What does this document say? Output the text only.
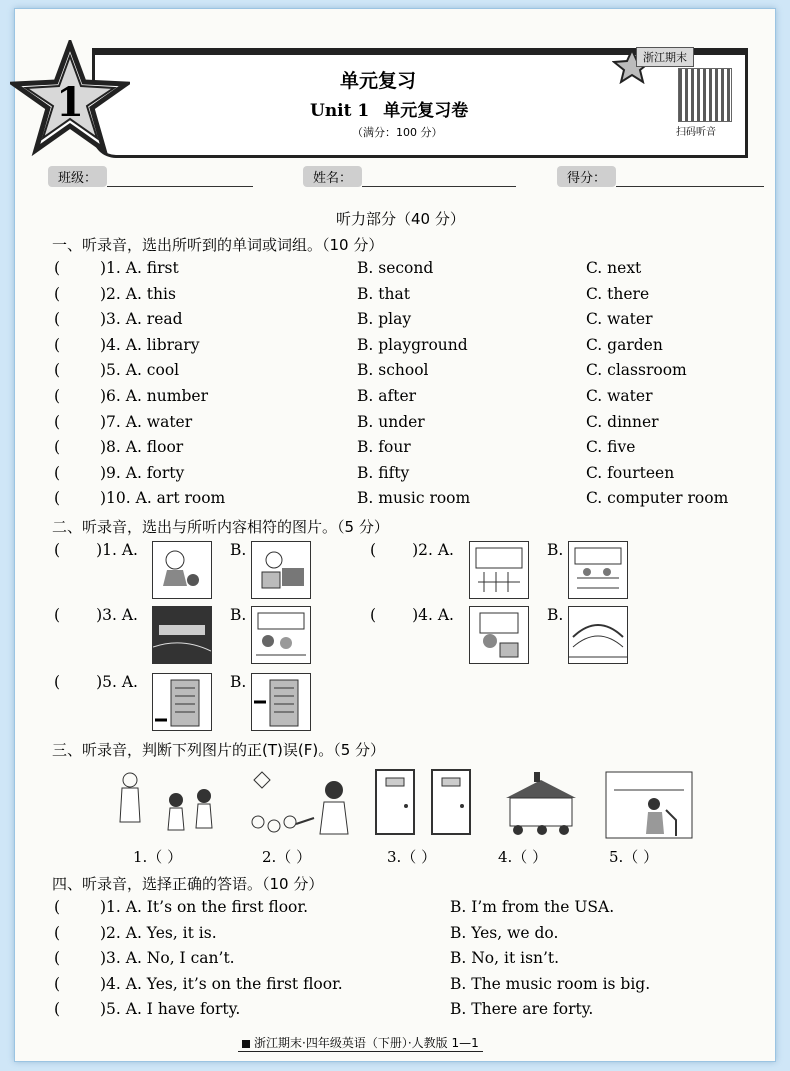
1	单元复习
Unit 1 单元复习卷
（满分：100 分）
浙江期末
扫码听音
班级：	姓名：	得分：
听力部分（40 分）
一、听录音，选出所听到的单词或词组。（10 分）
(	)1. A. first	B. second	C. next
(	)2. A. this	B. that	C. there
(	)3. A. read	B. play	C. water
(	)4. A. library	B. playground	C. garden
(	)5. A. cool	B. school	C. classroom
(	)6. A. number	B. after	C. water
(	)7. A. water	B. under	C. dinner
(	)8. A. floor	B. four	C. five
(	)9. A. forty	B. fifty	C. fourteen
(	)10. A. art room	B. music room	C. computer room
二、听录音，选出与所听内容相符的图片。（5 分）
( )1. A.	B.	( )2. A.	B.
( )3. A.	B.	( )4. A.	B.
( )5. A.	B.
三、听录音，判断下列图片的正(T)误(F)。（5 分）
1.（ ）	2.（ ）	3.（ ）	4.（ ）	5.（ ）
四、听录音，选择正确的答语。（10 分）
(	)1. A. It’s on the first floor.	B. I’m from the USA.
(	)2. A. Yes, it is.	B. Yes, we do.
(	)3. A. No, I can’t.	B. No, it isn’t.
(	)4. A. Yes, it’s on the first floor.	B. The music room is big.
(	)5. A. I have forty.	B. There are forty.
浙江期末·四年级英语（下册）·人教版 1—1
